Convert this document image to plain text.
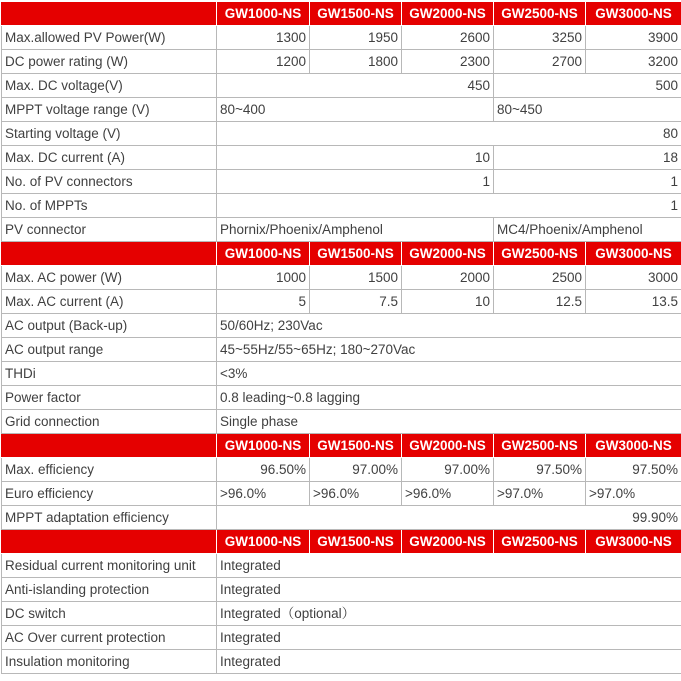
	GW1000-NS	GW1500-NS	GW2000-NS	GW2500-NS	GW3000-NS
Max.allowed PV Power(W)	1300	1950	2600	3250	3900
DC power rating (W)	1200	1800	2300	2700	3200
Max. DC voltage(V)	450			500	
MPPT voltage range (V)	80~400			80~450	
Starting voltage (V)	80				
Max. DC current (A)	10			18	
No. of PV connectors	1			1	
No. of MPPTs	1				
PV connector	Phornix/Phoenix/Amphenol			MC4/Phoenix/Amphenol	
	GW1000-NS	GW1500-NS	GW2000-NS	GW2500-NS	GW3000-NS
Max. AC power (W)	1000	1500	2000	2500	3000
Max. AC current (A)	5	7.5	10	12.5	13.5
AC output (Back-up)	50/60Hz; 230Vac				
AC output range	45~55Hz/55~65Hz; 180~270Vac				
THDi	<3%				
Power factor	0.8 leading~0.8 lagging				
Grid connection	Single phase				
	GW1000-NS	GW1500-NS	GW2000-NS	GW2500-NS	GW3000-NS
Max. efficiency	96.50%	97.00%	97.00%	97.50%	97.50%
Euro efficiency	>96.0%	>96.0%	>96.0%	>97.0%	>97.0%
MPPT adaptation efficiency	99.90%				
	GW1000-NS	GW1500-NS	GW2000-NS	GW2500-NS	GW3000-NS
Residual current monitoring unit	Integrated				
Anti-islanding protection	Integrated				
DC switch	Integrated（optional）				
AC Over current protection	Integrated				
Insulation monitoring	Integrated				
